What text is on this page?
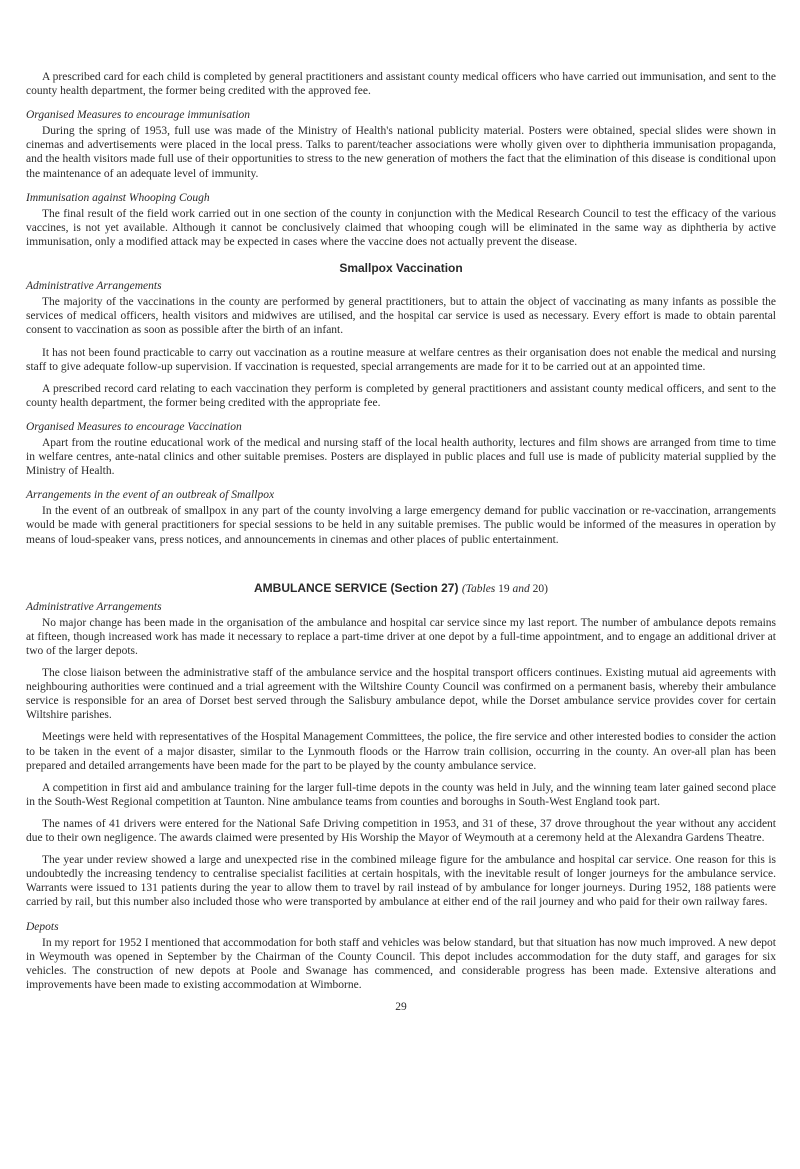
A prescribed card for each child is completed by general practitioners and assistant county medical officers who have carried out immunisation, and sent to the county health department, the former being credited with the approved fee.

Organised Measures to encourage immunisation

During the spring of 1953, full use was made of the Ministry of Health's national publicity material. Posters were obtained, special slides were shown in cinemas and advertisements were placed in the local press. Talks to parent/teacher associations were wholly given over to diphtheria immunisation propaganda, and the health visitors made full use of their opportunities to stress to the new generation of mothers the fact that the elimination of this disease is conditional upon the maintenance of an adequate level of immunity.

Immunisation against Whooping Cough

The final result of the field work carried out in one section of the county in conjunction with the Medical Research Council to test the efficacy of the various vaccines, is not yet available. Although it cannot be conclusively claimed that whooping cough will be eliminated in the same way as diphtheria by active immunisation, only a modified attack may be expected in cases where the vaccine does not actually prevent the disease.

Smallpox Vaccination
Administrative Arrangements

The majority of the vaccinations in the county are performed by general practitioners, but to attain the object of vaccinating as many infants as possible the services of medical officers, health visitors and midwives are utilised, and the hospital car service is used as necessary. Every effort is made to obtain parental consent to vaccination as soon as possible after the birth of an infant.

It has not been found practicable to carry out vaccination as a routine measure at welfare centres as their organisation does not enable the medical and nursing staff to give adequate follow-up supervision. If vaccination is requested, special arrangements are made for it to be carried out at an appointed time.

A prescribed record card relating to each vaccination they perform is completed by general practitioners and assistant county medical officers, and sent to the county health department, the former being credited with the appropriate fee.

Organised Measures to encourage Vaccination

Apart from the routine educational work of the medical and nursing staff of the local health authority, lectures and film shows are arranged from time to time in welfare centres, ante-natal clinics and other suitable premises. Posters are displayed in public places and full use is made of publicity material supplied by the Ministry of Health.

Arrangements in the event of an outbreak of Smallpox

In the event of an outbreak of smallpox in any part of the county involving a large emergency demand for public vaccination or re-vaccination, arrangements would be made with general practitioners for special sessions to be held in any suitable premises. The public would be informed of the measures in operation by means of loud-speaker vans, press notices, and announcements in cinemas and other places of public entertainment.

AMBULANCE SERVICE (Section 27) (Tables 19 and 20)
Administrative Arrangements

No major change has been made in the organisation of the ambulance and hospital car service since my last report. The number of ambulance depots remains at fifteen, though increased work has made it necessary to replace a part-time driver at one depot by a full-time appointment, and to engage an additional driver at two of the larger depots.

The close liaison between the administrative staff of the ambulance service and the hospital transport officers continues. Existing mutual aid agreements with neighbouring authorities were continued and a trial agreement with the Wiltshire County Council was confirmed on a permanent basis, whereby their ambulance service is responsible for an area of Dorset best served through the Salisbury ambulance depot, while the Dorset ambulance service provides cover for certain Wiltshire parishes.

Meetings were held with representatives of the Hospital Management Committees, the police, the fire service and other interested bodies to consider the action to be taken in the event of a major disaster, similar to the Lynmouth floods or the Harrow train collision, occurring in the county. An over-all plan has been prepared and detailed arrangements have been made for the part to be played by the county ambulance service.

A competition in first aid and ambulance training for the larger full-time depots in the county was held in July, and the winning team later gained second place in the South-West Regional competition at Taunton. Nine ambulance teams from counties and boroughs in South-West England took part.

The names of 41 drivers were entered for the National Safe Driving competition in 1953, and 31 of these, 37 drove throughout the year without any accident due to their own negligence. The awards claimed were presented by His Worship the Mayor of Weymouth at a ceremony held at the Alexandra Gardens Theatre.

The year under review showed a large and unexpected rise in the combined mileage figure for the ambulance and hospital car service. One reason for this is undoubtedly the increasing tendency to centralise specialist facilities at certain hospitals, with the inevitable result of longer journeys for the ambulance service. Warrants were issued to 131 patients during the year to allow them to travel by rail instead of by ambulance for longer journeys. During 1952, 188 patients were carried by rail, but this number also included those who were transported by ambulance at either end of the rail journey and who paid for their own railway fares.

Depots

In my report for 1952 I mentioned that accommodation for both staff and vehicles was below standard, but that situation has now much improved. A new depot in Weymouth was opened in September by the Chairman of the County Council. This depot includes accommodation for the duty staff, and garages for six vehicles. The construction of new depots at Poole and Swanage has commenced, and considerable progress has been made. Extensive alterations and improvements have been made to existing accommodation at Wimborne.

29
